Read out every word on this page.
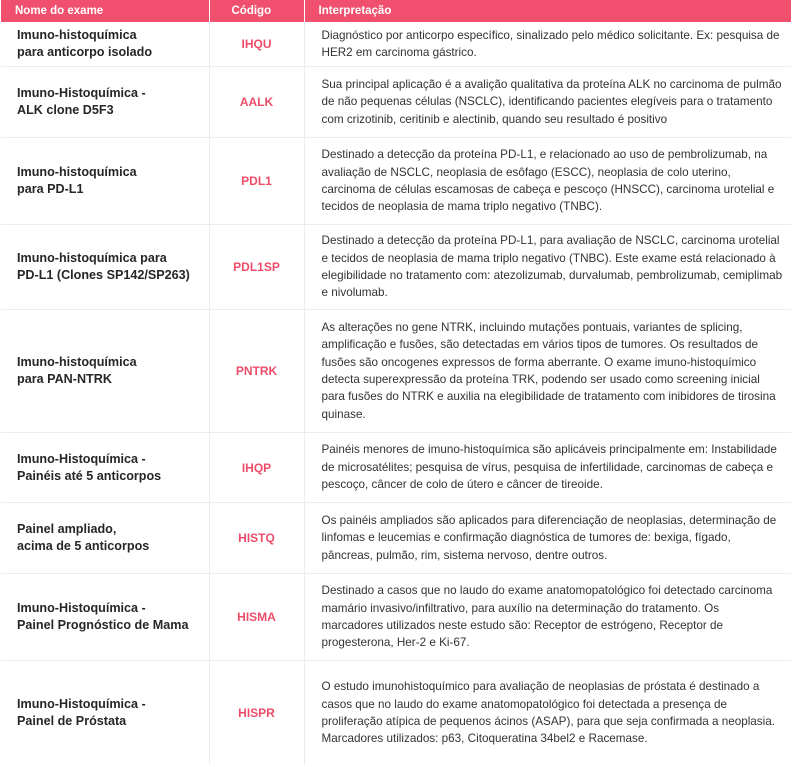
Nome do exame	Código	Interpretação
Imuno-histoquímica
para anticorpo isolado	IHQU	Diagnóstico por anticorpo específico, sinalizado pelo médico solicitante. Ex: pesquisa de HER2 em carcinoma gástrico.
Imuno-Histoquímica -
ALK clone D5F3	AALK	Sua principal aplicação é a avalição qualitativa da proteína ALK no carcinoma de pulmão de não pequenas células (NSCLC), identificando pacientes elegíveis para o tratamento com crizotinib, ceritinib e alectinib, quando seu resultado é positivo
Imuno-histoquímica
para PD-L1	PDL1	Destinado a detecção da proteína PD-L1, e relacionado ao uso de pembrolizumab, na avaliação de NSCLC, neoplasia de esôfago (ESCC), neoplasia de colo uterino, carcinoma de células escamosas de cabeça e pescoço (HNSCC), carcinoma urotelial e tecidos de neoplasia de mama triplo negativo (TNBC).
Imuno-histoquímica para
PD-L1 (Clones SP142/SP263)	PDL1SP	Destinado a detecção da proteína PD-L1, para avaliação de NSCLC, carcinoma urotelial e tecidos de neoplasia de mama triplo negativo (TNBC). Este exame está relacionado à elegibilidade no tratamento com: atezolizumab, durvalumab, pembrolizumab, cemiplimab e nivolumab.
Imuno-histoquímica
para PAN-NTRK	PNTRK	As alterações no gene NTRK, incluindo mutações pontuais, variantes de splicing, amplificação e fusões, são detectadas em vários tipos de tumores. Os resultados de fusões são oncogenes expressos de forma aberrante. O exame imuno-histoquímico detecta superexpressão da proteína TRK, podendo ser usado como screening inicial para fusões do NTRK e auxilia na elegibilidade de tratamento com inibidores de tirosina quinase.
Imuno-Histoquímica -
Painéis até 5 anticorpos	IHQP	Painéis menores de imuno-histoquímica são aplicáveis principalmente em: Instabilidade de microsatélites; pesquisa de vírus, pesquisa de infertilidade, carcinomas de cabeça e pescoço, câncer de colo de útero e câncer de tireoide.
Painel ampliado,
acima de 5 anticorpos	HISTQ	Os painéis ampliados são aplicados para diferenciação de neoplasias, determinação de linfomas e leucemias e confirmação diagnóstica de tumores de: bexiga, fígado, pâncreas, pulmão, rim, sistema nervoso, dentre outros.
Imuno-Histoquímica -
Painel Prognóstico de Mama	HISMA	Destinado a casos que no laudo do exame anatomopatológico foi detectado carcinoma mamário invasivo/infiltrativo, para auxílio na determinação do tratamento. Os marcadores utilizados neste estudo são: Receptor de estrógeno, Receptor de progesterona, Her-2 e Ki-67.
Imuno-Histoquímica -
Painel de Próstata	HISPR	O estudo imunohistoquímico para avaliação de neoplasias de próstata é destinado a casos que no laudo do exame anatomopatológico foi detectada a presença de proliferação atípica de pequenos ácinos (ASAP), para que seja confirmada a neoplasia. Marcadores utilizados: p63, Citoqueratina 34bel2 e Racemase.
